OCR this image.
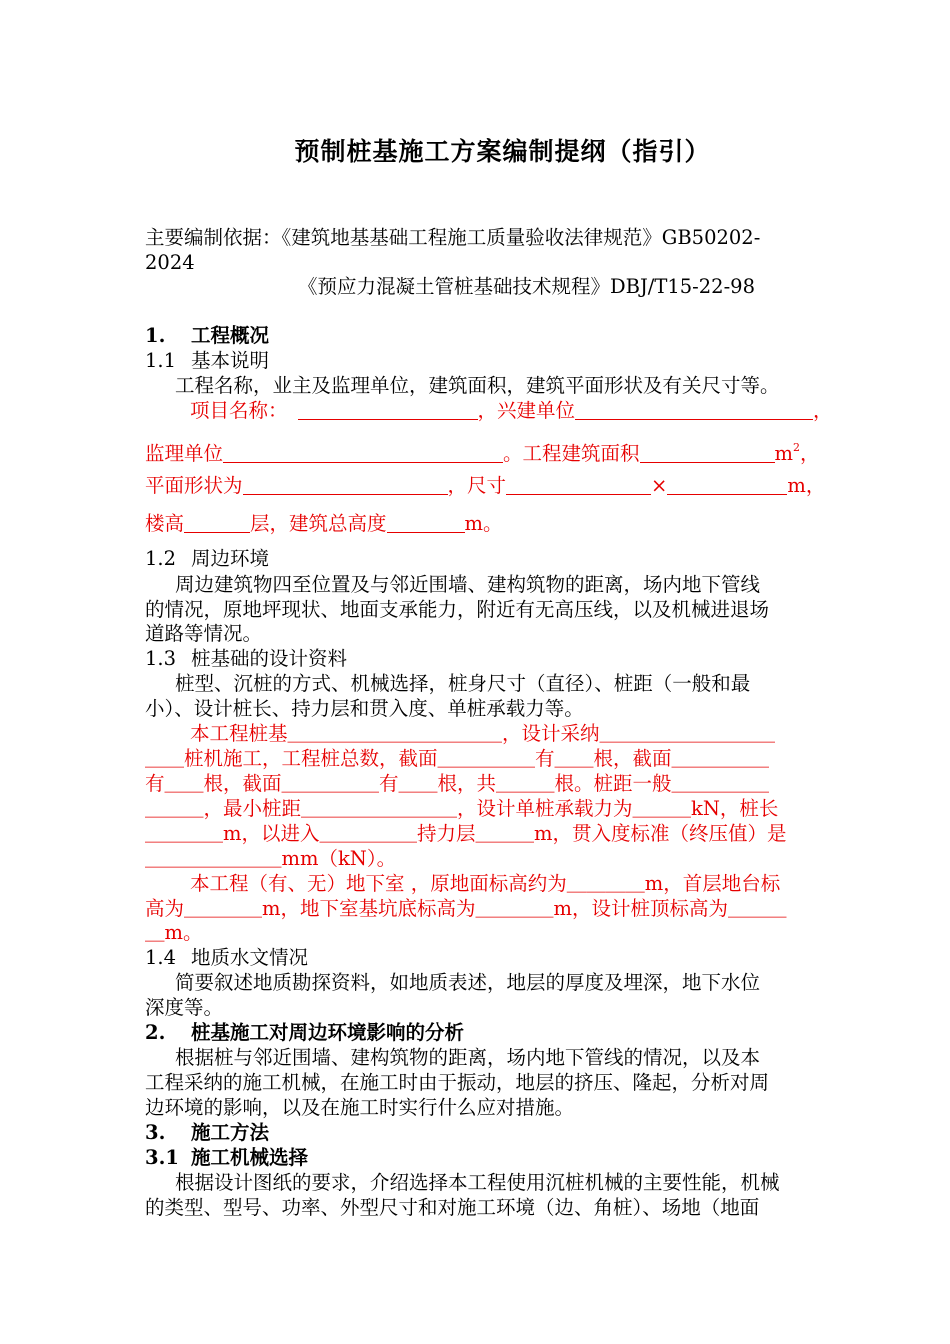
预制桩基施工方案编制提纲（指引）
主要编制依据：《建筑地基基础工程施工质量验收法律规范》GB50202-
2024
《预应力混凝土管桩基础技术规程》DBJ/T15-22-98
1. 工程概况
1.1 基本说明
工程名称，业主及监理单位，建筑面积，建筑平面形状及有关尺寸等。
项目名称：	，兴建单位	，
监理单位	。工程建筑面积	$m^2$，
平面形状为	，尺寸	×	m，
楼高	层，建筑总高度	m。
1.2 周边环境
周边建筑物四至位置及与邻近围墙、建构筑物的距离，场内地下管线
的情况，原地坪现状、地面支承能力，附近有无高压线，以及机械进退场
道路等情况。
1.3 桩基础的设计资料
桩型、沉桩的方式、机械选择，桩身尺寸（直径）、桩距（一般和最
小）、设计桩长、持力层和贯入度、单桩承载力等。
本工程桩基＿＿＿＿＿＿＿＿＿＿＿，设计采纳＿＿＿＿＿＿＿＿＿
＿＿桩机施工，工程桩总数，截面＿＿＿＿＿有＿＿根，截面＿＿＿＿＿
有＿＿根，截面＿＿＿＿＿有＿＿根，共＿＿＿根。桩距一般＿＿＿＿＿
＿＿＿，最小桩距＿＿＿＿＿＿＿＿，设计单桩承载力为＿＿＿kN，桩长
＿＿＿＿m，以进入＿＿＿＿＿持力层＿＿＿m，贯入度标准（终压值）是
＿＿＿＿＿＿＿mm（kN）。
本工程（有、无）地下室 ，原地面标高约为＿＿＿＿m，首层地台标
高为＿＿＿＿m，地下室基坑底标高为＿＿＿＿m，设计桩顶标高为＿＿＿
＿m。
1.4 地质水文情况
简要叙述地质勘探资料，如地质表述，地层的厚度及埋深，地下水位
深度等。
2. 桩基施工对周边环境影响的分析
根据桩与邻近围墙、建构筑物的距离，场内地下管线的情况，以及本
工程采纳的施工机械，在施工时由于振动，地层的挤压、隆起，分析对周
边环境的影响，以及在施工时实行什么应对措施。
3. 施工方法
3.1 施工机械选择
根据设计图纸的要求，介绍选择本工程使用沉桩机械的主要性能，机械
的类型、型号、功率、外型尺寸和对施工环境（边、角桩）、场地（地面
